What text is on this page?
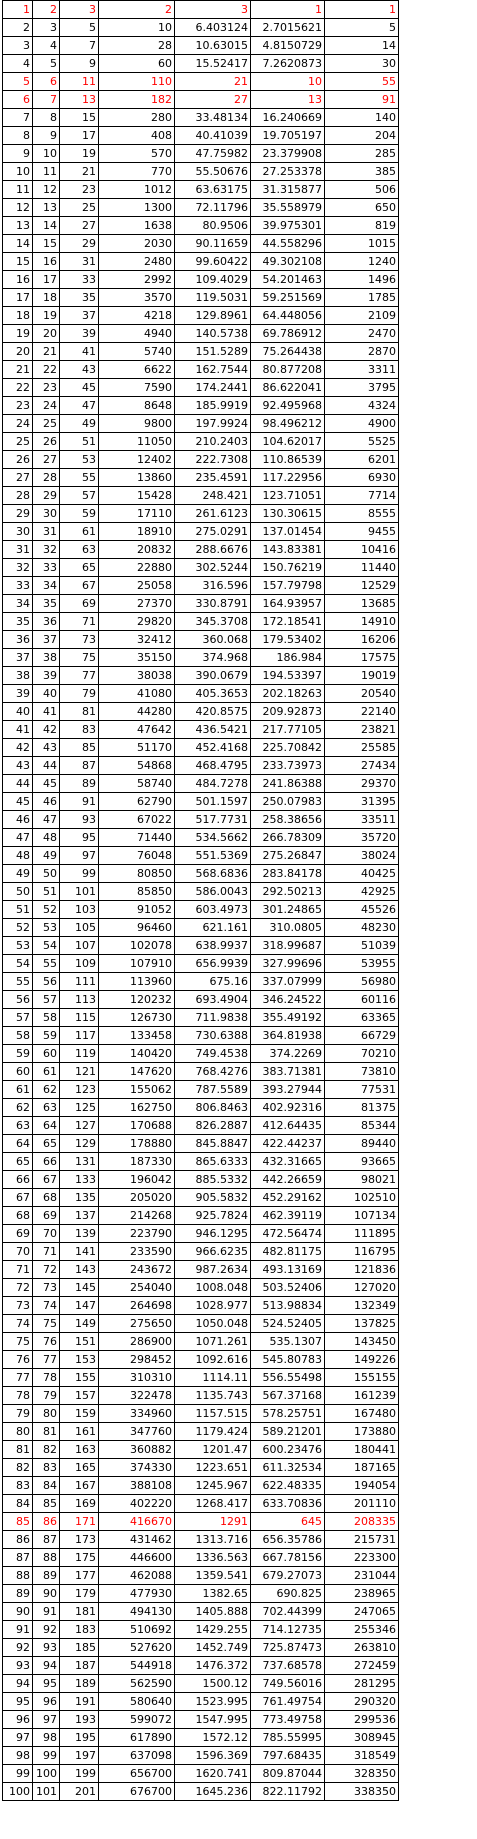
1	2	3	2	3	1	1
2	3	5	10	6.403124	2.7015621	5
3	4	7	28	10.63015	4.8150729	14
4	5	9	60	15.52417	7.2620873	30
5	6	11	110	21	10	55
6	7	13	182	27	13	91
7	8	15	280	33.48134	16.240669	140
8	9	17	408	40.41039	19.705197	204
9	10	19	570	47.75982	23.379908	285
10	11	21	770	55.50676	27.253378	385
11	12	23	1012	63.63175	31.315877	506
12	13	25	1300	72.11796	35.558979	650
13	14	27	1638	80.9506	39.975301	819
14	15	29	2030	90.11659	44.558296	1015
15	16	31	2480	99.60422	49.302108	1240
16	17	33	2992	109.4029	54.201463	1496
17	18	35	3570	119.5031	59.251569	1785
18	19	37	4218	129.8961	64.448056	2109
19	20	39	4940	140.5738	69.786912	2470
20	21	41	5740	151.5289	75.264438	2870
21	22	43	6622	162.7544	80.877208	3311
22	23	45	7590	174.2441	86.622041	3795
23	24	47	8648	185.9919	92.495968	4324
24	25	49	9800	197.9924	98.496212	4900
25	26	51	11050	210.2403	104.62017	5525
26	27	53	12402	222.7308	110.86539	6201
27	28	55	13860	235.4591	117.22956	6930
28	29	57	15428	248.421	123.71051	7714
29	30	59	17110	261.6123	130.30615	8555
30	31	61	18910	275.0291	137.01454	9455
31	32	63	20832	288.6676	143.83381	10416
32	33	65	22880	302.5244	150.76219	11440
33	34	67	25058	316.596	157.79798	12529
34	35	69	27370	330.8791	164.93957	13685
35	36	71	29820	345.3708	172.18541	14910
36	37	73	32412	360.068	179.53402	16206
37	38	75	35150	374.968	186.984	17575
38	39	77	38038	390.0679	194.53397	19019
39	40	79	41080	405.3653	202.18263	20540
40	41	81	44280	420.8575	209.92873	22140
41	42	83	47642	436.5421	217.77105	23821
42	43	85	51170	452.4168	225.70842	25585
43	44	87	54868	468.4795	233.73973	27434
44	45	89	58740	484.7278	241.86388	29370
45	46	91	62790	501.1597	250.07983	31395
46	47	93	67022	517.7731	258.38656	33511
47	48	95	71440	534.5662	266.78309	35720
48	49	97	76048	551.5369	275.26847	38024
49	50	99	80850	568.6836	283.84178	40425
50	51	101	85850	586.0043	292.50213	42925
51	52	103	91052	603.4973	301.24865	45526
52	53	105	96460	621.161	310.0805	48230
53	54	107	102078	638.9937	318.99687	51039
54	55	109	107910	656.9939	327.99696	53955
55	56	111	113960	675.16	337.07999	56980
56	57	113	120232	693.4904	346.24522	60116
57	58	115	126730	711.9838	355.49192	63365
58	59	117	133458	730.6388	364.81938	66729
59	60	119	140420	749.4538	374.2269	70210
60	61	121	147620	768.4276	383.71381	73810
61	62	123	155062	787.5589	393.27944	77531
62	63	125	162750	806.8463	402.92316	81375
63	64	127	170688	826.2887	412.64435	85344
64	65	129	178880	845.8847	422.44237	89440
65	66	131	187330	865.6333	432.31665	93665
66	67	133	196042	885.5332	442.26659	98021
67	68	135	205020	905.5832	452.29162	102510
68	69	137	214268	925.7824	462.39119	107134
69	70	139	223790	946.1295	472.56474	111895
70	71	141	233590	966.6235	482.81175	116795
71	72	143	243672	987.2634	493.13169	121836
72	73	145	254040	1008.048	503.52406	127020
73	74	147	264698	1028.977	513.98834	132349
74	75	149	275650	1050.048	524.52405	137825
75	76	151	286900	1071.261	535.1307	143450
76	77	153	298452	1092.616	545.80783	149226
77	78	155	310310	1114.11	556.55498	155155
78	79	157	322478	1135.743	567.37168	161239
79	80	159	334960	1157.515	578.25751	167480
80	81	161	347760	1179.424	589.21201	173880
81	82	163	360882	1201.47	600.23476	180441
82	83	165	374330	1223.651	611.32534	187165
83	84	167	388108	1245.967	622.48335	194054
84	85	169	402220	1268.417	633.70836	201110
85	86	171	416670	1291	645	208335
86	87	173	431462	1313.716	656.35786	215731
87	88	175	446600	1336.563	667.78156	223300
88	89	177	462088	1359.541	679.27073	231044
89	90	179	477930	1382.65	690.825	238965
90	91	181	494130	1405.888	702.44399	247065
91	92	183	510692	1429.255	714.12735	255346
92	93	185	527620	1452.749	725.87473	263810
93	94	187	544918	1476.372	737.68578	272459
94	95	189	562590	1500.12	749.56016	281295
95	96	191	580640	1523.995	761.49754	290320
96	97	193	599072	1547.995	773.49758	299536
97	98	195	617890	1572.12	785.55995	308945
98	99	197	637098	1596.369	797.68435	318549
99	100	199	656700	1620.741	809.87044	328350
100	101	201	676700	1645.236	822.11792	338350
